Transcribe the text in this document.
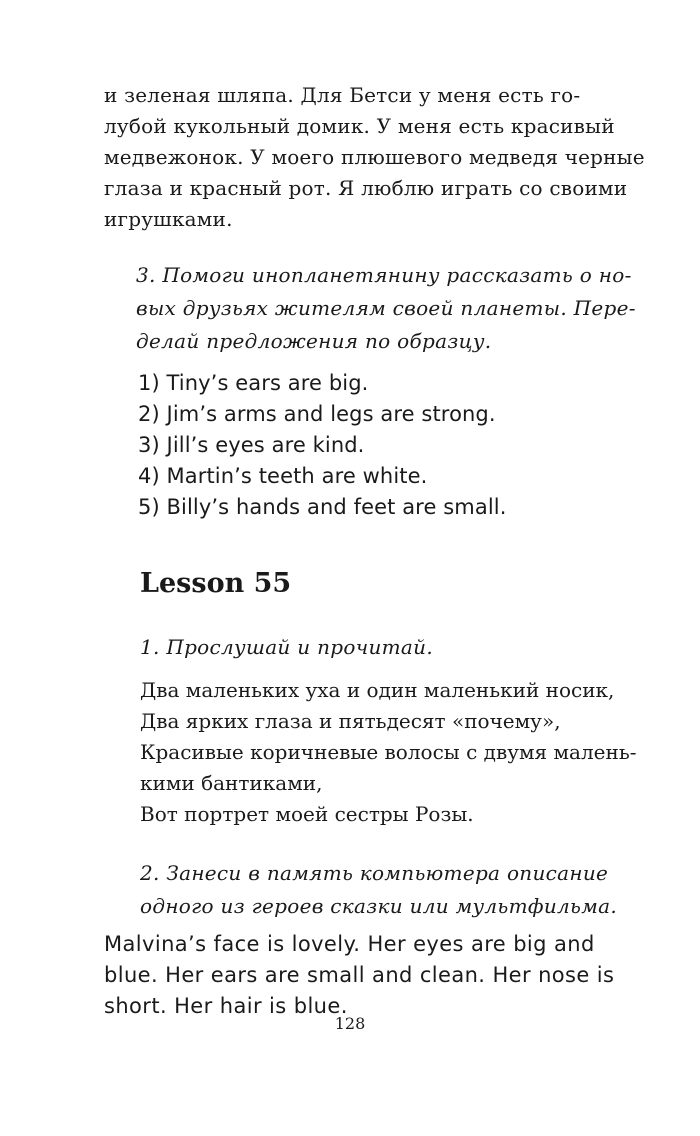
и зеленая шляпа. Для Бетси у меня есть го-
лубой кукольный домик. У меня есть красивый
медвежонок. У моего плюшевого медведя черные
глаза и красный рот. Я люблю играть со своими
игрушками.
3. Помоги инопланетянину рассказать о но-
вых друзьях жителям своей планеты. Пере-
делай предложения по образцу.
1) Tiny’s ears are big.
2) Jim’s arms and legs are strong.
3) Jill’s eyes are kind.
4) Martin’s teeth are white.
5) Billy’s hands and feet are small.
Lesson 55
1. Прослушай и прочитай.
Два маленьких уха и один маленький носик,
Два ярких глаза и пятьдесят «почему»,
Красивые коричневые волосы с двумя малень-
кими бантиками,
Вот портрет моей сестры Розы.
2. Занеси в память компьютера описание
одного из героев сказки или мультфильма.
Malvina’s face is lovely. Her eyes are big and
blue. Her ears are small and clean. Her nose is
short. Her hair is blue.
128
